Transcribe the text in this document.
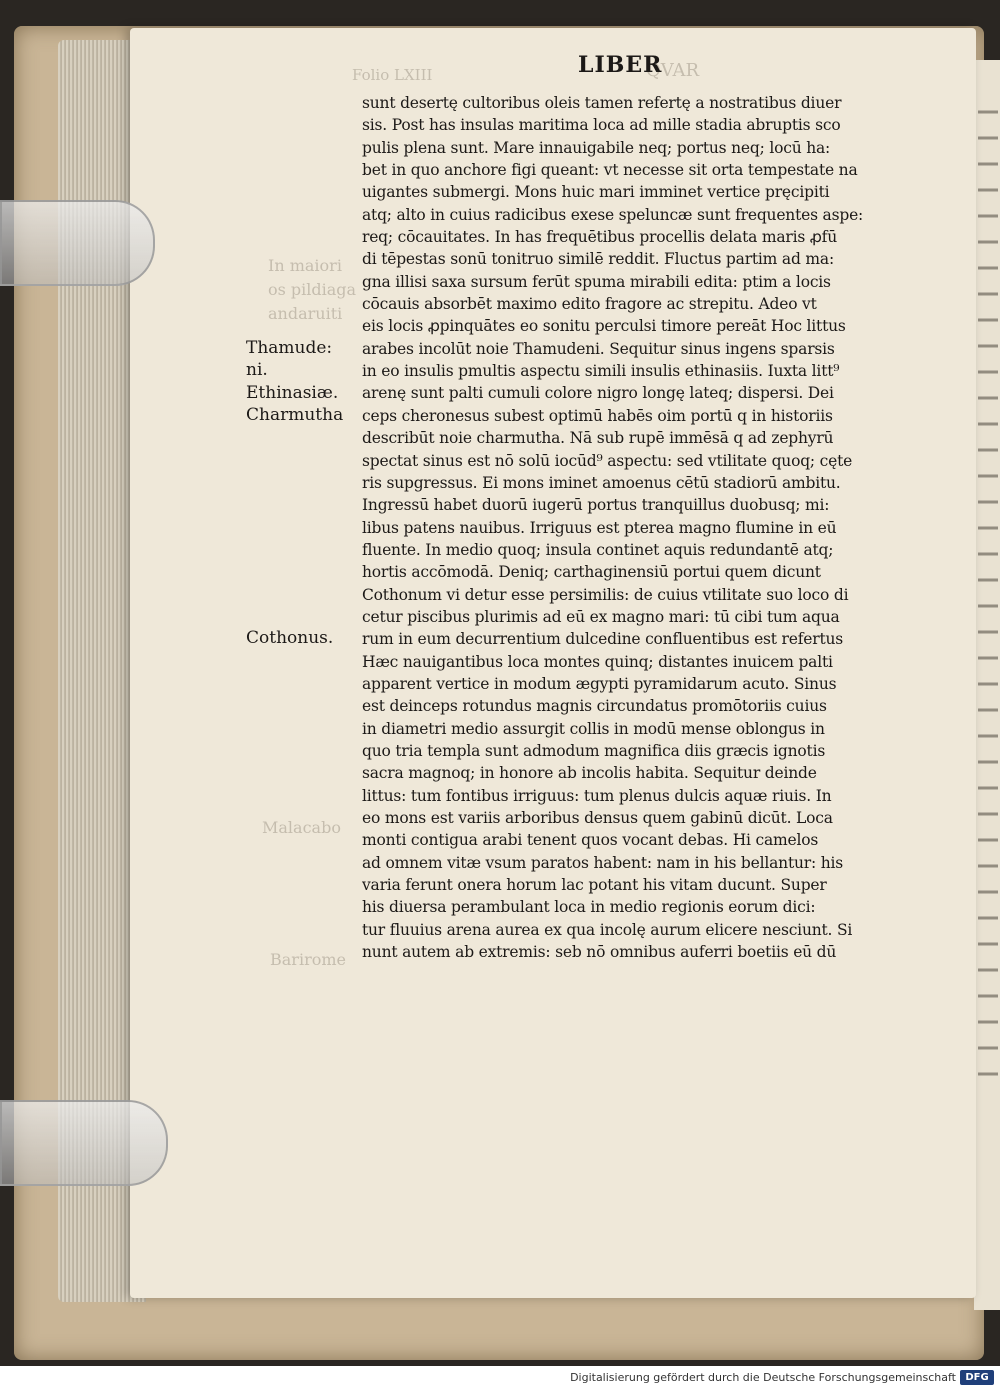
Folio LXIII	QVAR
In maiori
os pildiaga
andaruiti
Malacabo
Barirome
LIBER
sunt desertę cultoribus oleis tamen refertę a nostratibus diuer
sis. Post has insulas maritima loca ad mille stadia abruptis sco
pulis plena sunt. Mare innauigabile neq; portus neq; locū ha:
bet in quo anchore figi queant: vt necesse sit orta tempestate na
uigantes submergi. Mons huic mari imminet vertice pręcipiti
atq; alto in cuius radicibus exese speluncæ sunt frequentes aspe:
req; cōcauitates. In has frequētibus procellis delata maris ꝓfū
di tēpestas sonū tonitruo similē reddit. Fluctus partim ad ma:
gna illisi saxa sursum ferūt spuma mirabili edita: ptim a locis
cōcauis absorbēt maximo edito fragore ac strepitu. Adeo vt
eis locis ꝓpinquātes eo sonitu perculsi timore pereāt Hoc littus
arabes incolūt noie Thamudeni. Sequitur sinus ingens sparsis
in eo insulis pmultis aspectu simili insulis ethinasiis. Iuxta litt⁹
arenę sunt palti cumuli colore nigro longę lateq; dispersi. Dei
ceps cheronesus subest optimū habēs oim portū q in historiis
describūt noie charmutha. Nā sub rupē immēsā q ad zephyrū
spectat sinus est nō solū iocūd⁹ aspectu: sed vtilitate quoq; cęte
ris supgressus. Ei mons iminet amoenus cētū stadiorū ambitu.
Ingressū habet duorū iugerū portus tranquillus duobusq; mi:
libus patens nauibus. Irriguus est pterea magno flumine in eū
fluente. In medio quoq; insula continet aquis redundantē atq;
hortis accōmodā. Deniq; carthaginensiū portui quem dicunt
Cothonum vi detur esse persimilis: de cuius vtilitate suo loco di
cetur piscibus plurimis ad eū ex magno mari: tū cibi tum aqua
rum in eum decurrentium dulcedine confluentibus est refertus
Hæc nauigantibus loca montes quinq; distantes inuicem palti
apparent vertice in modum ægypti pyramidarum acuto. Sinus
est deinceps rotundus magnis circundatus promōtoriis cuius
in diametri medio assurgit collis in modū mense oblongus in
quo tria templa sunt admodum magnifica diis græcis ignotis
sacra magnoq; in honore ab incolis habita. Sequitur deinde
littus: tum fontibus irriguus: tum plenus dulcis aquæ riuis. In
eo mons est variis arboribus densus quem gabinū dicūt. Loca
monti contigua arabi tenent quos vocant debas. Hi camelos
ad omnem vitæ vsum paratos habent: nam in his bellantur: his
varia ferunt onera horum lac potant his vitam ducunt. Super
his diuersa perambulant loca in medio regionis eorum dici:
tur fluuius arena aurea ex qua incolę aurum elicere nesciunt. Si
nunt autem ab extremis: seb nō omnibus auferri boetiis eū dū
Thamude:
ni.
Ethinasiæ.
Charmutha
Cothonus.
Digitalisierung gefördert durch die Deutsche Forschungsgemeinschaft DFG
